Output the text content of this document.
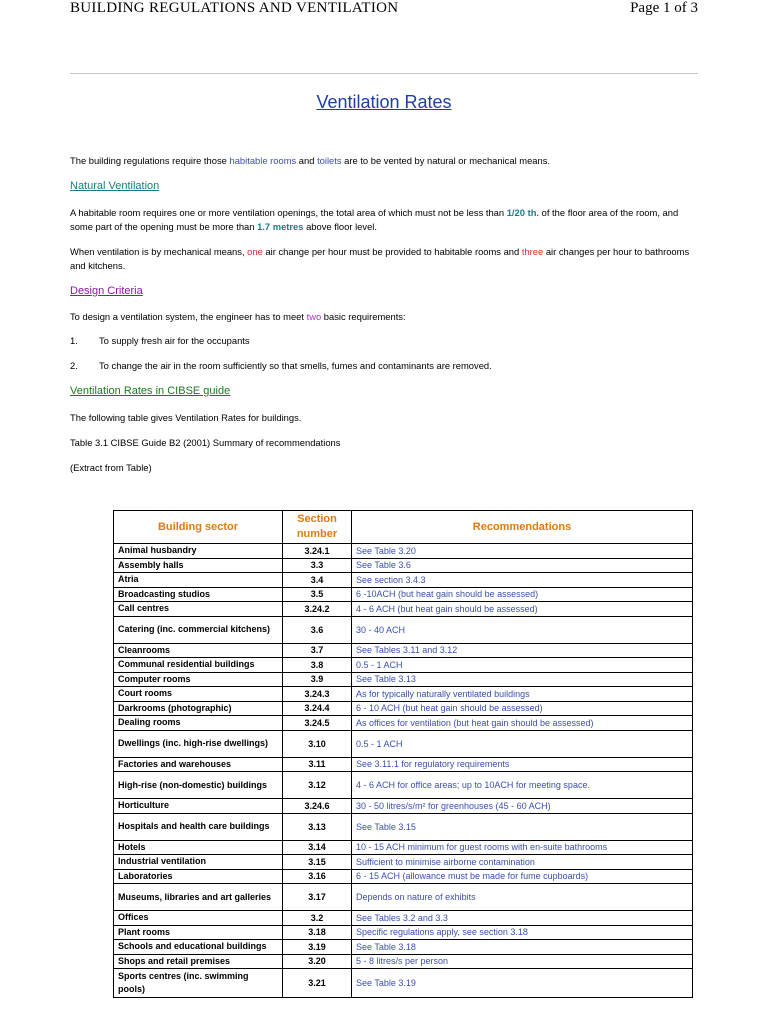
BUILDING REGULATIONS AND VENTILATION	Page 1 of 3
Ventilation Rates
The building regulations require those habitable rooms and toilets are to be vented by natural or mechanical means.
Natural Ventilation
A habitable room requires one or more ventilation openings, the total area of which must not be less than 1/20 th. of the floor area of the room, and some part of the opening must be more than 1.7 metres above floor level.
When ventilation is by mechanical means, one air change per hour must be provided to habitable rooms and three air changes per hour to bathrooms and kitchens.
Design Criteria
To design a ventilation system, the engineer has to meet two basic requirements:
1. To supply fresh air for the occupants
2. To change the air in the room sufficiently so that smells, fumes and contaminants are removed.
Ventilation Rates in CIBSE guide
The following table gives Ventilation Rates for buildings.
Table 3.1 CIBSE Guide B2 (2001) Summary of recommendations
(Extract from Table)
Building sector	Section number	Recommendations
Animal husbandry	3.24.1	See Table 3.20
Assembly halls	3.3	See Table 3.6
Atria	3.4	See section 3.4.3
Broadcasting studios	3.5	6 -10ACH (but heat gain should be assessed)
Call centres	3.24.2	4 - 6 ACH (but heat gain should be assessed)
Catering (inc. commercial kitchens)	3.6	30 - 40 ACH
Cleanrooms	3.7	See Tables 3.11 and 3.12
Communal residential buildings	3.8	0.5 - 1 ACH
Computer rooms	3.9	See Table 3.13
Court rooms	3.24.3	As for typically naturally ventilated buildings
Darkrooms (photographic)	3.24.4	6 - 10 ACH (but heat gain should be assessed)
Dealing rooms	3.24.5	As offices for ventilation (but heat gain should be assessed)
Dwellings (inc. high-rise dwellings)	3.10	0.5 - 1 ACH
Factories and warehouses	3.11	See 3.11.1 for regulatory requirements
High-rise (non-domestic) buildings	3.12	4 - 6 ACH for office areas; up to 10ACH for meeting space.
Horticulture	3.24.6	30 - 50 litres/s/m² for greenhouses (45 - 60 ACH)
Hospitals and health care buildings	3.13	See Table 3.15
Hotels	3.14	10 - 15 ACH minimum for guest rooms with en-suite bathrooms
Industrial ventilation	3.15	Sufficient to minimise airborne contamination
Laboratories	3.16	6 - 15 ACH (allowance must be made for fume cupboards)
Museums, libraries and art galleries	3.17	Depends on nature of exhibits
Offices	3.2	See Tables 3.2 and 3.3
Plant rooms	3.18	Specific regulations apply, see section 3.18
Schools and educational buildings	3.19	See Table 3.18
Shops and retail premises	3.20	5 - 8 litres/s per person
Sports centres (inc. swimming pools)	3.21	See Table 3.19
